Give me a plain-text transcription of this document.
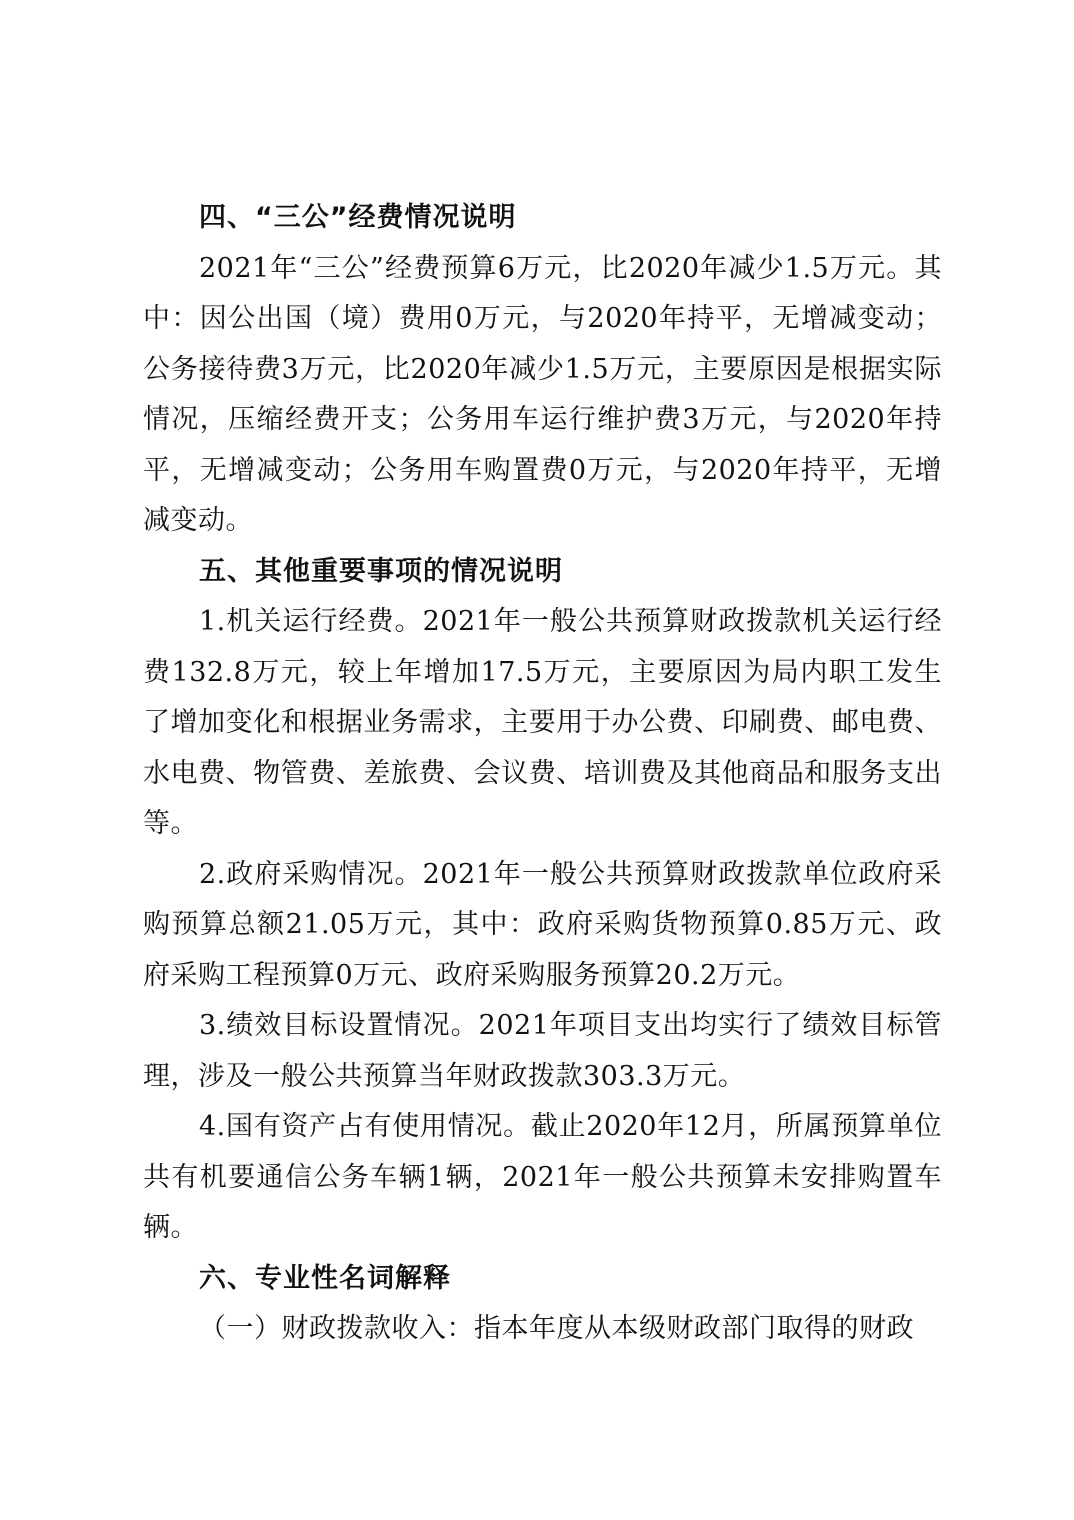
四、“三公”经费情况说明

2021年“三公”经费预算6万元，比2020年减少1.5万元。其中：因公出国（境）费用0万元，与2020年持平，无增减变动；公务接待费3万元，比2020年减少1.5万元，主要原因是根据实际情况，压缩经费开支；公务用车运行维护费3万元，与2020年持平，无增减变动；公务用车购置费0万元，与2020年持平，无增减变动。

五、其他重要事项的情况说明

1.机关运行经费。2021年一般公共预算财政拨款机关运行经费132.8万元，较上年增加17.5万元，主要原因为局内职工发生了增加变化和根据业务需求，主要用于办公费、印刷费、邮电费、水电费、物管费、差旅费、会议费、培训费及其他商品和服务支出等。

2.政府采购情况。2021年一般公共预算财政拨款单位政府采购预算总额21.05万元，其中：政府采购货物预算0.85万元、政府采购工程预算0万元、政府采购服务预算20.2万元。

3.绩效目标设置情况。2021年项目支出均实行了绩效目标管理，涉及一般公共预算当年财政拨款303.3万元。

4.国有资产占有使用情况。截止2020年12月，所属预算单位共有机要通信公务车辆1辆，2021年一般公共预算未安排购置车辆。

六、专业性名词解释

（一）财政拨款收入：指本年度从本级财政部门取得的财政
